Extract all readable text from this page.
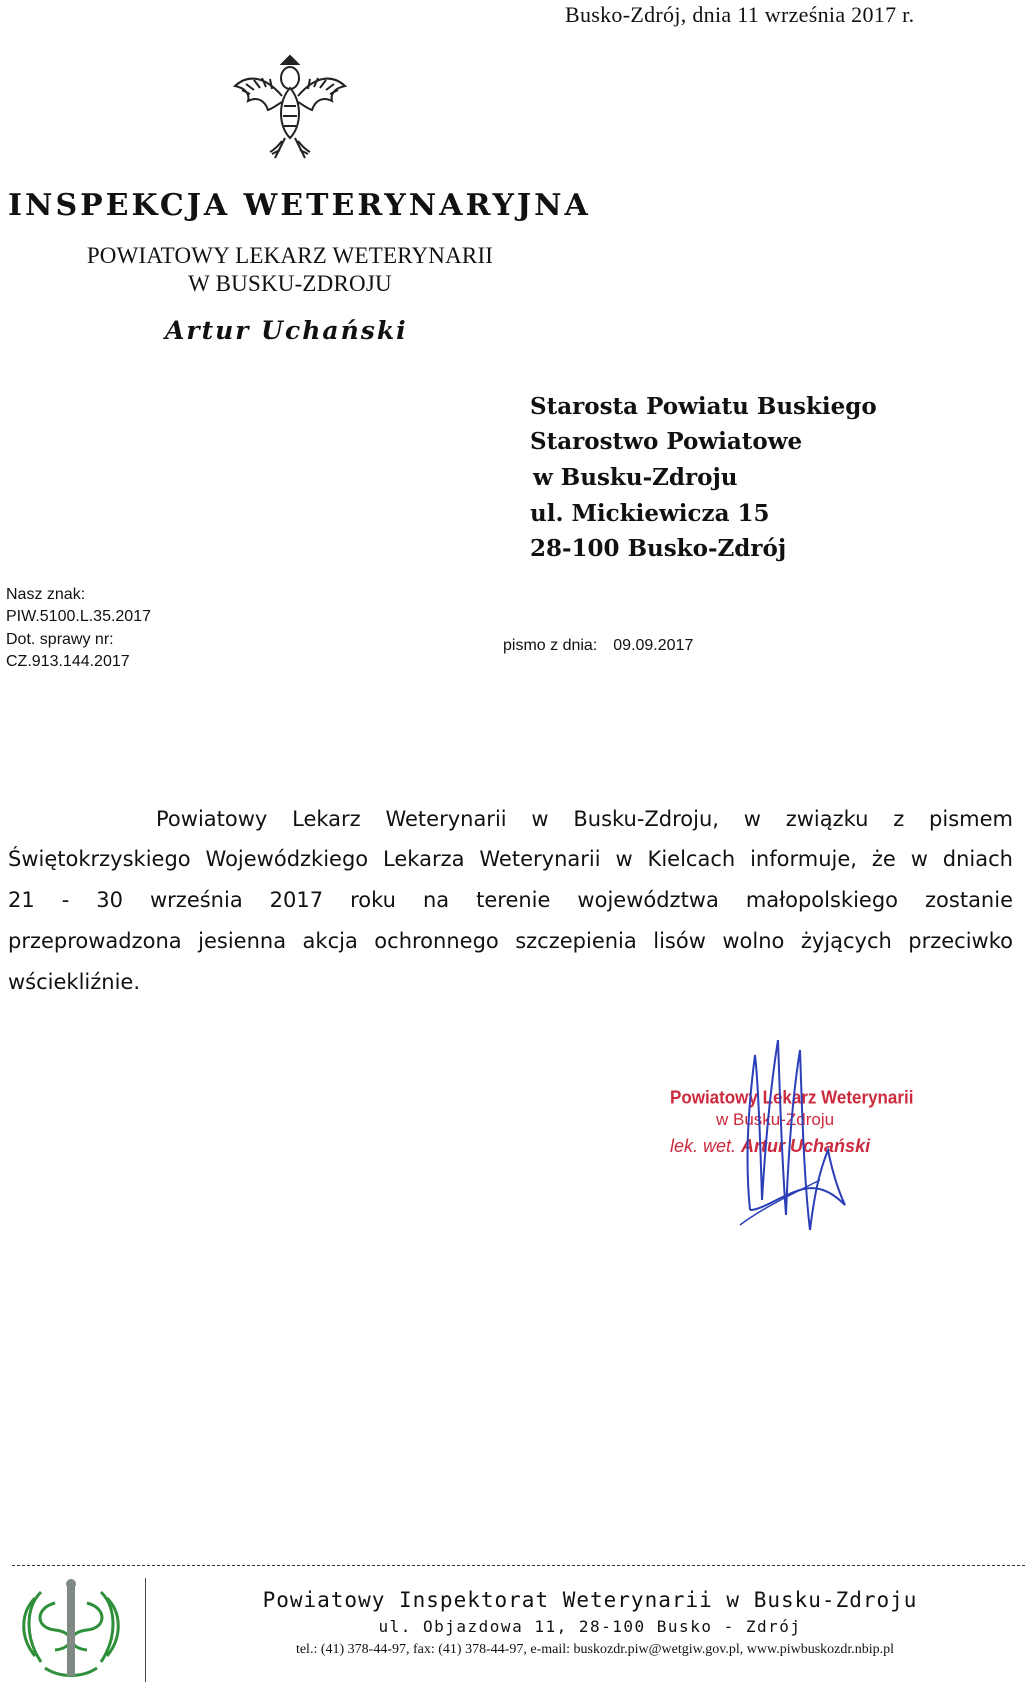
Busko-Zdrój, dnia 11 września 2017 r.
INSPEKCJA WETERYNARYJNA
POWIATOWY LEKARZ WETERYNARII
W BUSKU-ZDROJU
Artur Uchański
Starosta Powiatu Buskiego
Starostwo Powiatowe
w Busku-Zdroju
ul. Mickiewicza 15
28-100 Busko-Zdrój
Nasz znak:
PIW.5100.L.35.2017
Dot. sprawy nr:
CZ.913.144.2017
pismo z dnia: 09.09.2017
Powiatowy Lekarz Weterynarii w Busku-Zdroju, w związku z pismem
Świętokrzyskiego Wojewódzkiego Lekarza Weterynarii w Kielcach informuje, że w dniach
21 - 30 września 2017 roku na terenie województwa małopolskiego zostanie
przeprowadzona jesienna akcja ochronnego szczepienia lisów wolno żyjących przeciwko
wściekliźnie.
Powiatowy Lekarz Weterynarii
w Busku-Zdroju
lek. wet. Artur Uchański
Powiatowy Inspektorat Weterynarii w Busku-Zdroju
ul. Objazdowa 11, 28-100 Busko - Zdrój
tel.: (41) 378-44-97, fax: (41) 378-44-97, e-mail: buskozdr.piw@wetgiw.gov.pl, www.piwbuskozdr.nbip.pl
